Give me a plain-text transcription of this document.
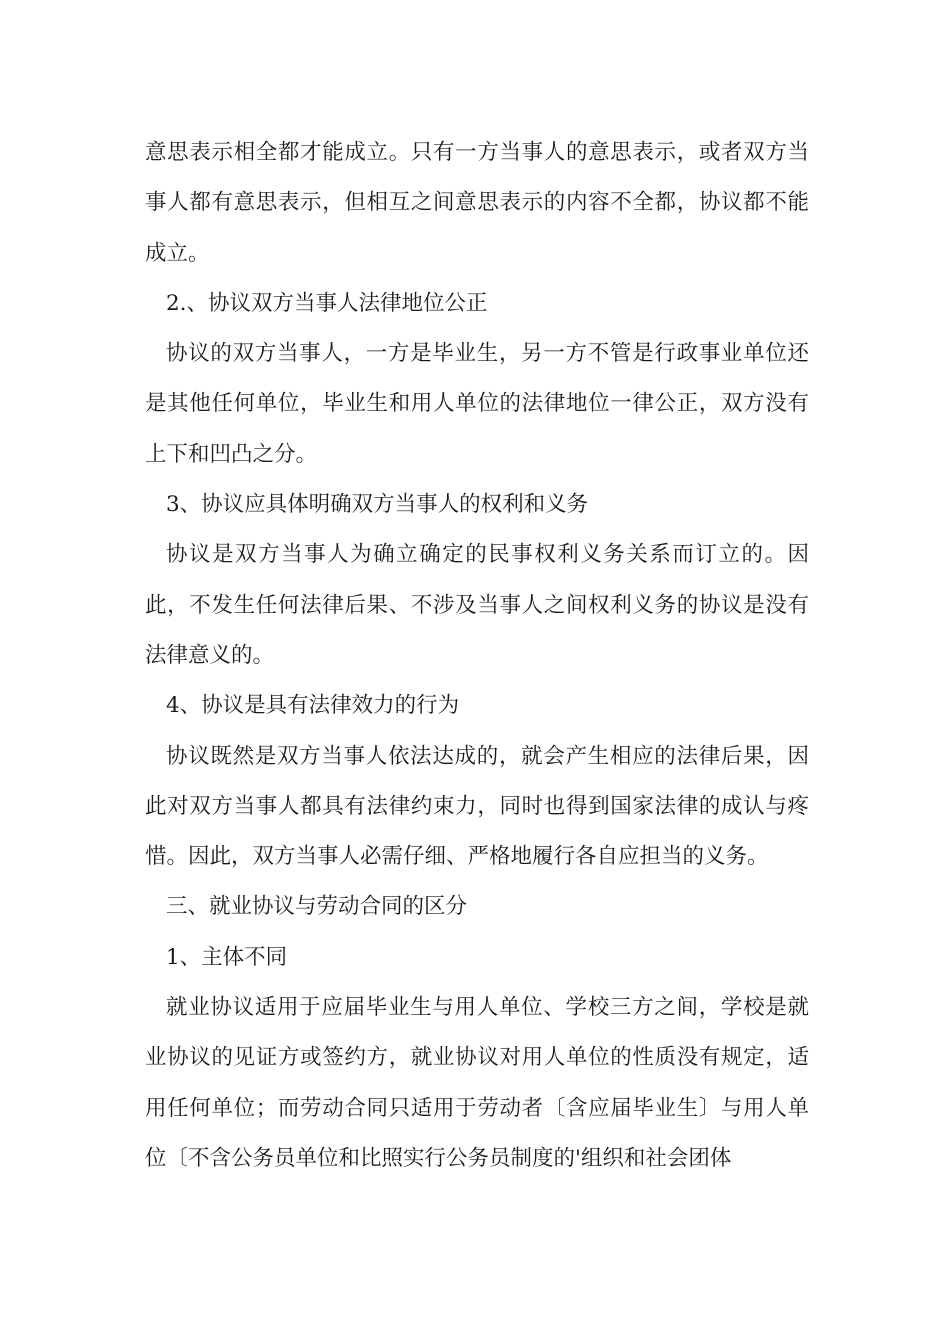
意思表示相全都才能成立。只有一方当事人的意思表示，或者双方当事人都有意思表示，但相互之间意思表示的内容不全都，协议都不能成立。

2.、协议双方当事人法律地位公正

协议的双方当事人，一方是毕业生，另一方不管是行政事业单位还是其他任何单位，毕业生和用人单位的法律地位一律公正，双方没有上下和凹凸之分。

3、协议应具体明确双方当事人的权利和义务

协议是双方当事人为确立确定的民事权利义务关系而订立的。因此，不发生任何法律后果、不涉及当事人之间权利义务的协议是没有法律意义的。

4、协议是具有法律效力的行为

协议既然是双方当事人依法达成的，就会产生相应的法律后果，因此对双方当事人都具有法律约束力，同时也得到国家法律的成认与疼惜。因此，双方当事人必需仔细、严格地履行各自应担当的义务。

三、就业协议与劳动合同的区分

1、主体不同

就业协议适用于应届毕业生与用人单位、学校三方之间，学校是就业协议的见证方或签约方，就业协议对用人单位的性质没有规定，适用任何单位；而劳动合同只适用于劳动者〔含应届毕业生〕与用人单位〔不含公务员单位和比照实行公务员制度的'组织和社会团体
